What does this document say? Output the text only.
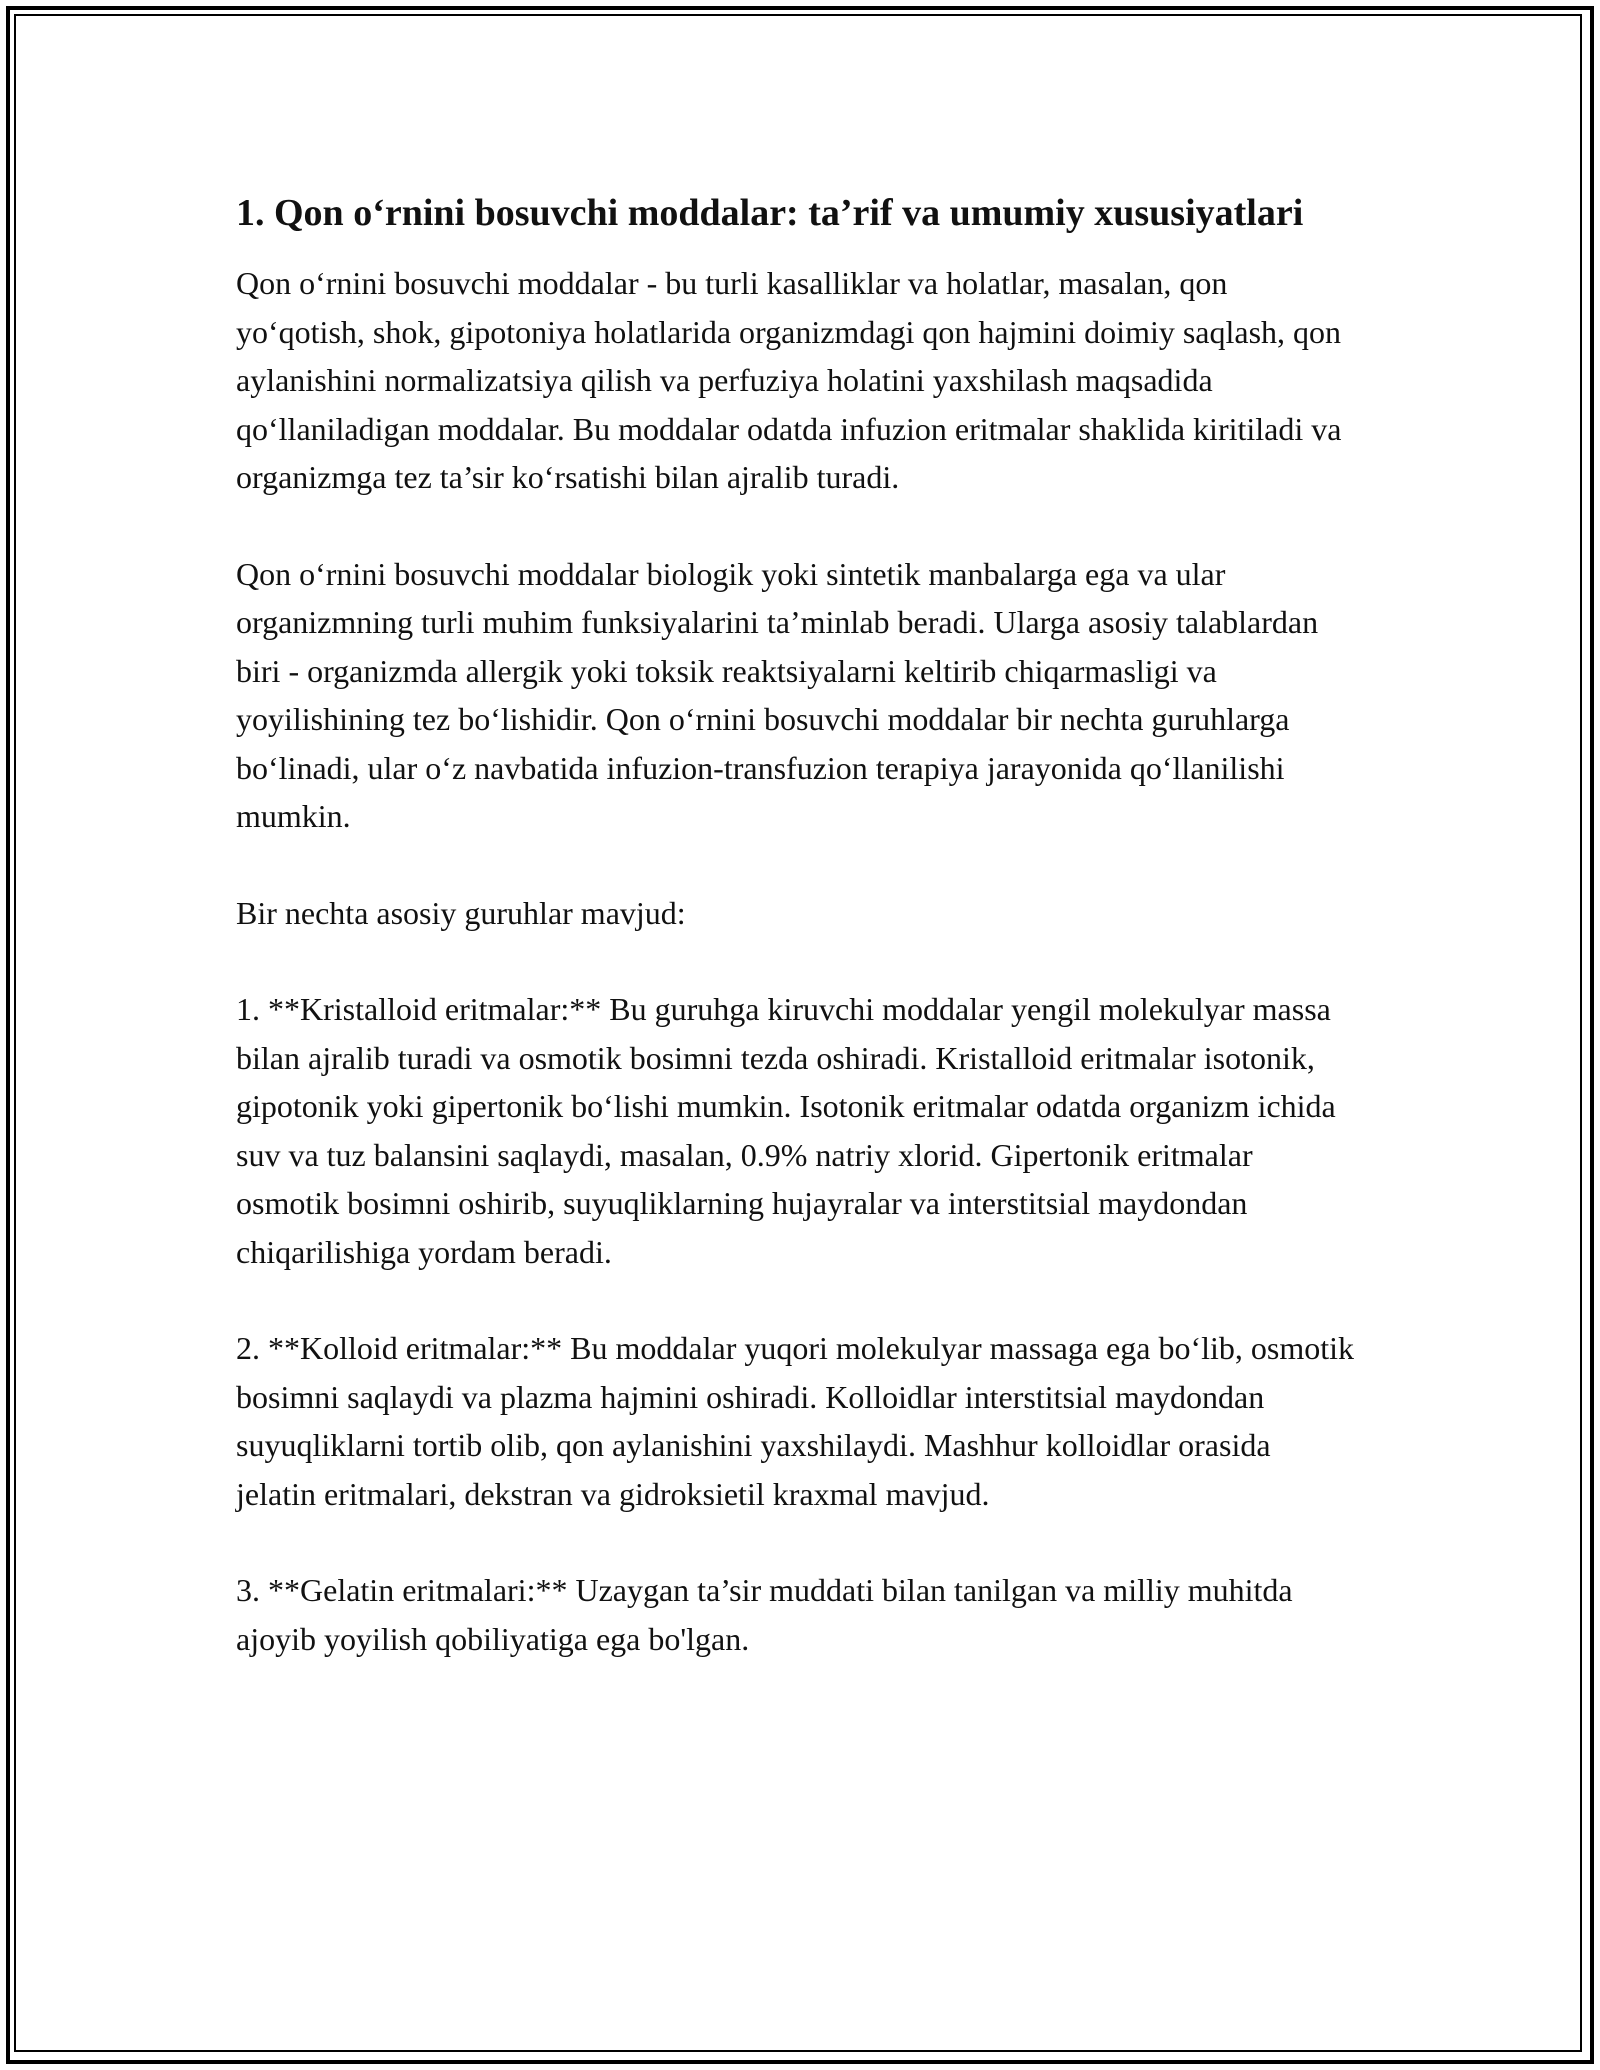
1. Qon o‘rnini bosuvchi moddalar: ta’rif va umumiy xususiyatlari

Qon o‘rnini bosuvchi moddalar - bu turli kasalliklar va holatlar, masalan, qon yo‘qotish, shok, gipotoniya holatlarida organizmdagi qon hajmini doimiy saqlash, qon aylanishini normalizatsiya qilish va perfuziya holatini yaxshilash maqsadida qo‘llaniladigan moddalar. Bu moddalar odatda infuzion eritmalar shaklida kiritiladi va organizmga tez ta’sir ko‘rsatishi bilan ajralib turadi.

Qon o‘rnini bosuvchi moddalar biologik yoki sintetik manbalarga ega va ular organizmning turli muhim funksiyalarini ta’minlab beradi. Ularga asosiy talablardan biri - organizmda allergik yoki toksik reaktsiyalarni keltirib chiqarmasligi va yoyilishining tez bo‘lishidir. Qon o‘rnini bosuvchi moddalar bir nechta guruhlarga bo‘linadi, ular o‘z navbatida infuzion-transfuzion terapiya jarayonida qo‘llanilishi mumkin.

Bir nechta asosiy guruhlar mavjud:

1. **Kristalloid eritmalar:** Bu guruhga kiruvchi moddalar yengil molekulyar massa bilan ajralib turadi va osmotik bosimni tezda oshiradi. Kristalloid eritmalar isotonik, gipotonik yoki gipertonik bo‘lishi mumkin. Isotonik eritmalar odatda organizm ichida suv va tuz balansini saqlaydi, masalan, 0.9% natriy xlorid. Gipertonik eritmalar osmotik bosimni oshirib, suyuqliklarning hujayralar va interstitsial maydondan chiqarilishiga yordam beradi.

2. **Kolloid eritmalar:** Bu moddalar yuqori molekulyar massaga ega bo‘lib, osmotik bosimni saqlaydi va plazma hajmini oshiradi. Kolloidlar interstitsial maydondan suyuqliklarni tortib olib, qon aylanishini yaxshilaydi. Mashhur kolloidlar orasida jelatin eritmalari, dekstran va gidroksietil kraxmal mavjud.

3. **Gelatin eritmalari:** Uzaygan ta’sir muddati bilan tanilgan va milliy muhitda ajoyib yoyilish qobiliyatiga ega bo'lgan.
